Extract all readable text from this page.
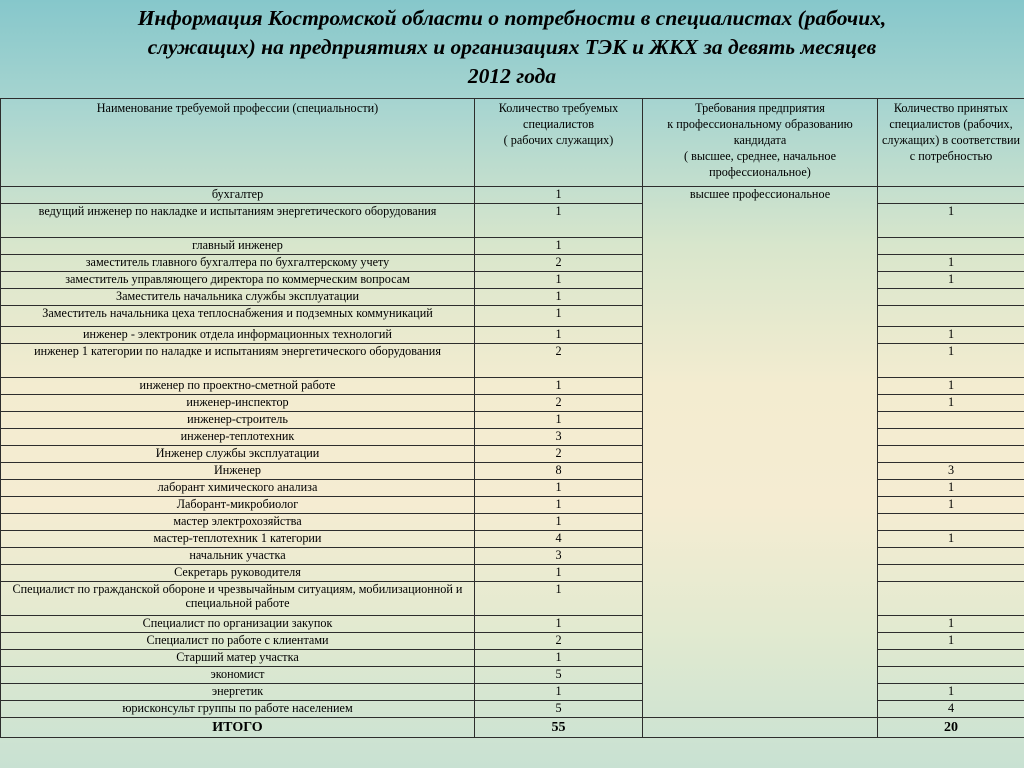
Информация Костромской области о потребности в специалистах (рабочих,
служащих) на предприятиях и организациях ТЭК и ЖКХ за девять месяцев
2012 года
Наименование требуемой профессии (специальности)	Количество требуемых специалистов
( рабочих служащих)	Требования предприятия
к профессиональному образованию кандидата
( высшее, среднее, начальное профессиональное)	Количество принятых специалистов (рабочих, служащих) в соответствии с потребностью
бухгалтер	1	высшее профессиональное	
ведущий инженер по накладке и испытаниям энергетического оборудования	1		1
главный инженер	1		
заместитель главного бухгалтера по бухгалтерскому учету	2		1
заместитель управляющего директора по коммерческим вопросам	1		1
Заместитель начальника службы эксплуатации	1		
Заместитель начальника цеха теплоснабжения и подземных коммуникаций	1		
инженер - электроник отдела информационных технологий	1		1
инженер 1 категории по наладке и испытаниям энергетического оборудования	2		1
инженер по проектно-сметной работе	1		1
инженер-инспектор	2		1
инженер-строитель	1		
инженер-теплотехник	3		
Инженер службы эксплуатации	2		
Инженер	8		3
лаборант химического анализа	1		1
Лаборант-микробиолог	1		1
мастер электрохозяйства	1		
мастер-теплотехник 1 категории	4		1
начальник участка	3		
Секретарь руководителя	1		
Специалист по гражданской обороне и чрезвычайным ситуациям, мобилизационной и специальной работе	1		
Специалист по организации закупок	1		1
Специалист по работе с клиентами	2		1
Старший матер участка	1		
экономист	5		
энергетик	1		1
юрисконсульт группы по работе населением	5		4
ИТОГО	55		20
